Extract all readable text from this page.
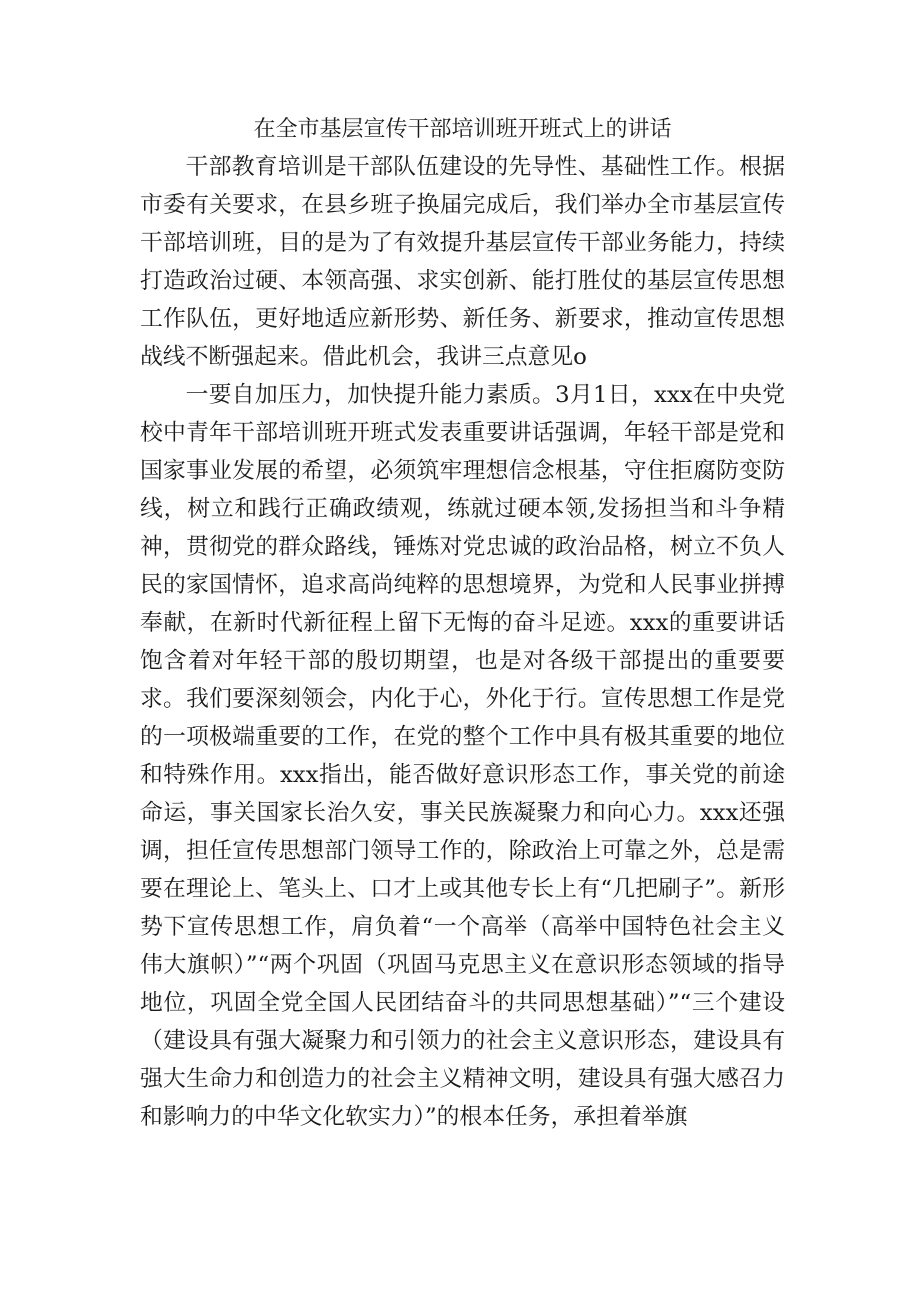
在全市基层宣传干部培训班开班式上的讲话

干部教育培训是干部队伍建设的先导性、基础性工作。根据市委有关要求，在县乡班子换届完成后，我们举办全市基层宣传干部培训班，目的是为了有效提升基层宣传干部业务能力，持续打造政治过硬、本领高强、求实创新、能打胜仗的基层宣传思想工作队伍，更好地适应新形势、新任务、新要求，推动宣传思想战线不断强起来。借此机会，我讲三点意见o

一要自加压力，加快提升能力素质。3月1日，xxx在中央党校中青年干部培训班开班式发表重要讲话强调，年轻干部是党和国家事业发展的希望，必须筑牢理想信念根基，守住拒腐防变防线，树立和践行正确政绩观，练就过硬本领,发扬担当和斗争精神，贯彻党的群众路线，锤炼对党忠诚的政治品格，树立不负人民的家国情怀，追求高尚纯粹的思想境界，为党和人民事业拼搏奉献，在新时代新征程上留下无悔的奋斗足迹。xxx的重要讲话饱含着对年轻干部的殷切期望，也是对各级干部提出的重要要求。我们要深刻领会，内化于心，外化于行。宣传思想工作是党的一项极端重要的工作，在党的整个工作中具有极其重要的地位和特殊作用。xxx指出，能否做好意识形态工作，事关党的前途命运，事关国家长治久安，事关民族凝聚力和向心力。xxx还强调，担任宣传思想部门领导工作的，除政治上可靠之外，总是需要在理论上、笔头上、口才上或其他专长上有“几把刷子”。新形势下宣传思想工作，肩负着“一个高举（高举中国特色社会主义伟大旗帜）”“两个巩固（巩固马克思主义在意识形态领域的指导地位，巩固全党全国人民团结奋斗的共同思想基础）”“三个建设（建设具有强大凝聚力和引领力的社会主义意识形态，建设具有强大生命力和创造力的社会主义精神文明，建设具有强大感召力和影响力的中华文化软实力）”的根本任务，承担着举旗
